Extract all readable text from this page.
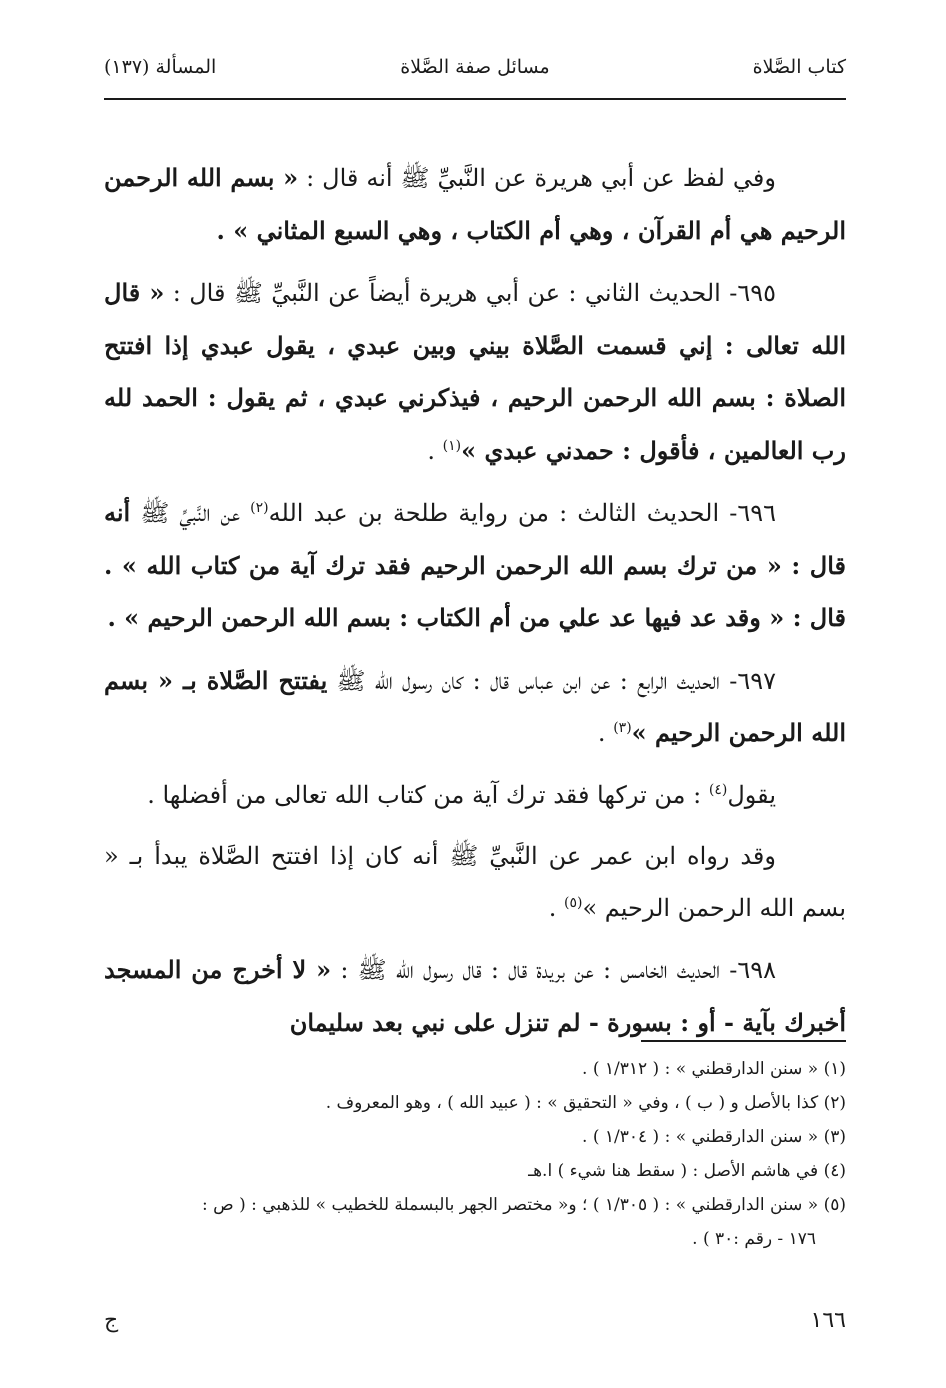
كتاب الصَّلاة
مسائل صفة الصَّلاة
المسألة (١٣٧)

وفي لفظ عن أبي هريرة عن النَّبيِّ ﷺ أنه قال : « بسم الله الرحمن الرحيم هي أم القرآن ، وهي أم الكتاب ، وهي السبع المثاني » .

٦٩٥- الحديث الثاني : عن أبي هريرة أيضاً عن النَّبيِّ ﷺ قال : « قال الله تعالى : إني قسمت الصَّلاة بيني وبين عبدي ، يقول عبدي إذا افتتح الصلاة : بسم الله الرحمن الرحيم ، فيذكرني عبدي ، ثم يقول : الحمد لله رب العالمين ، فأقول : حمدني عبدي »$^{(١)}$ .

٦٩٦- الحديث الثالث : من رواية طلحة بن عبد الله$^{(٢)}$ عن النَّبيِّ ﷺ أنه قال : « من ترك بسم الله الرحمن الرحيم فقد ترك آية من كتاب الله » . قال : « وقد عد فيها عد علي من أم الكتاب : بسم الله الرحمن الرحيم » .

٦٩٧- الحديث الرابع : عن ابن عباس قال : كان رسول الله ﷺ يفتتح الصَّلاة بـ « بسم الله الرحمن الرحيم »$^{(٣)}$ .

يقول$^{(٤)}$ : من تركها فقد ترك آية من كتاب الله تعالى من أفضلها .

وقد رواه ابن عمر عن النَّبيِّ ﷺ أنه كان إذا افتتح الصَّلاة يبدأ بـ « بسم الله الرحمن الرحيم »$^{(٥)}$ .

٦٩٨- الحديث الخامس : عن بريدة قال : قال رسول الله ﷺ : « لا أخرج من المسجد أخبرك بآية - أو : بسورة - لم تنزل على نبي بعد سليمان

(١) « سنن الدارقطني » : ( ١/٣١٢ ) .
(٢) كذا بالأصل و ( ب ) ، وفي « التحقيق » : ( عبيد الله ) ، وهو المعروف .
(٣) « سنن الدارقطني » : ( ١/٣٠٤ ) .
(٤) في هاشم الأصل : ( سقط هنا شيء ) ا.هـ
(٥) « سنن الدارقطني » : ( ١/٣٠٥ ) ؛ و« مختصر الجهر بالبسملة للخطيب » للذهبي : ( ص :
١٧٦ - رقم :٣٠ ) .
١٦٦
ج
